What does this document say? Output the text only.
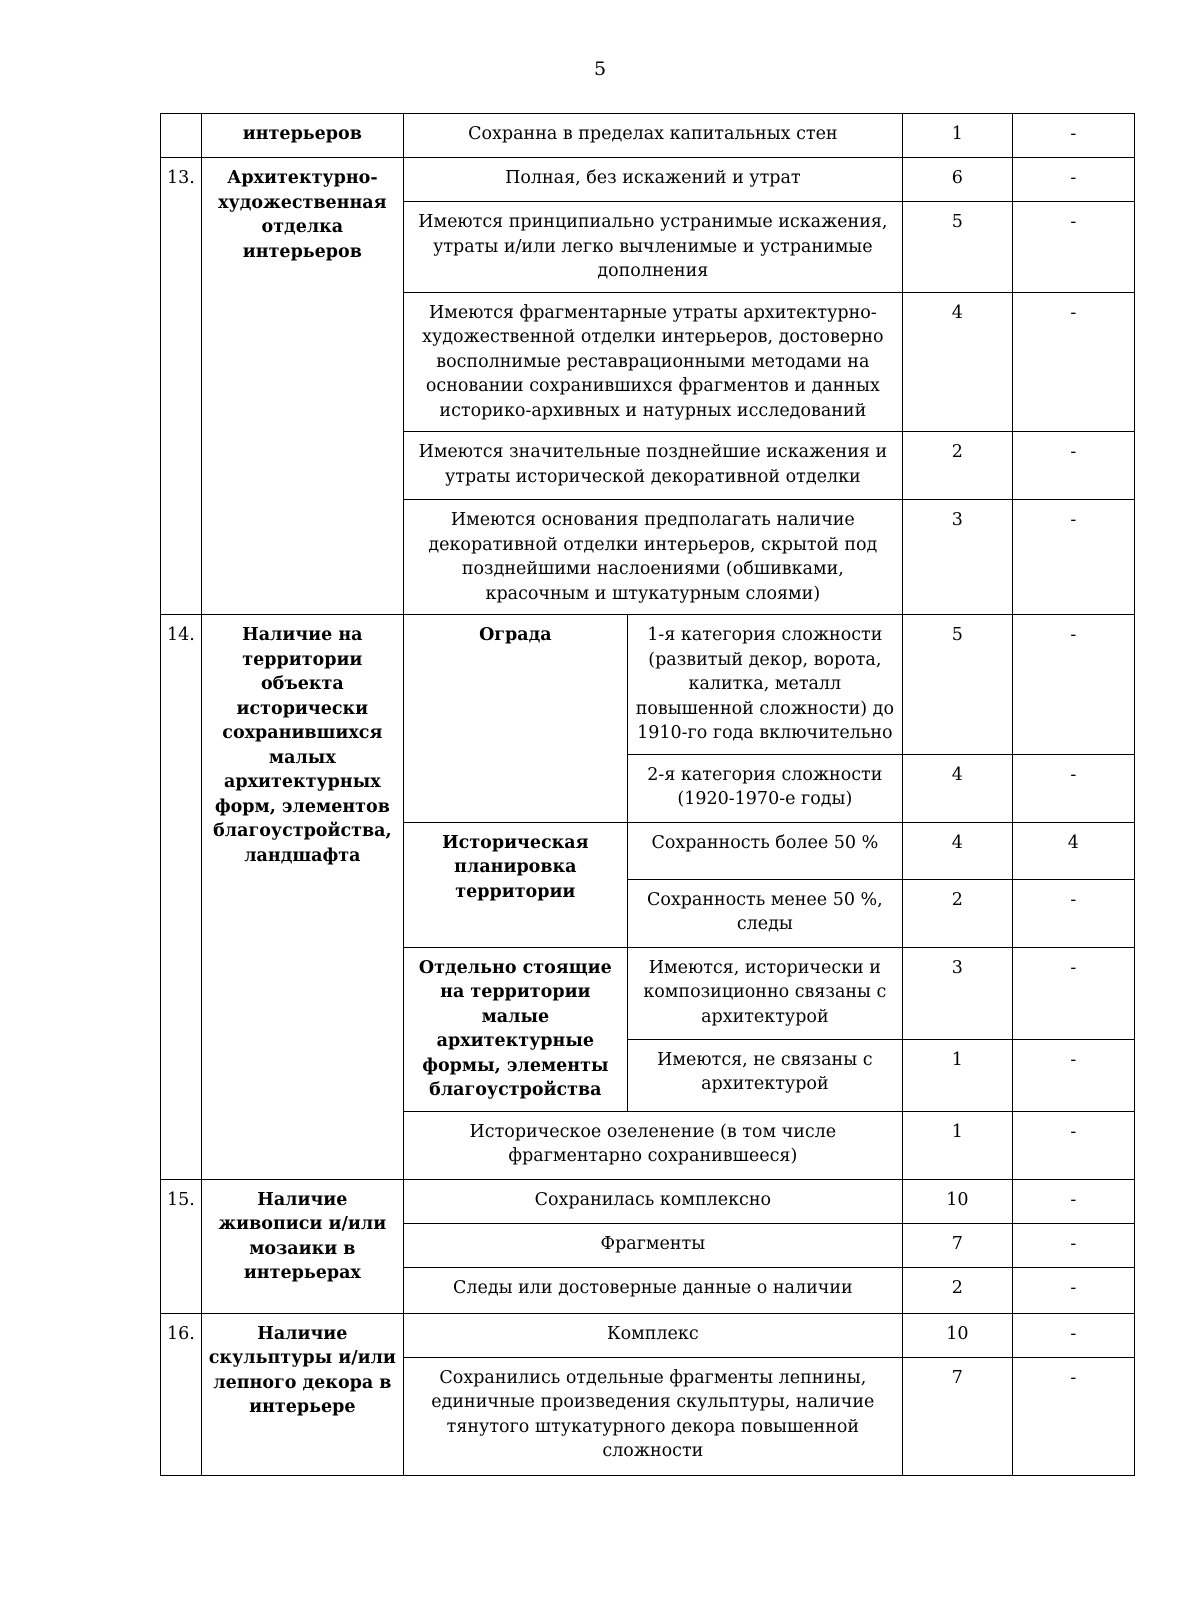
5
	интерьеров	Сохранна в пределах капитальных стен		1	-
13.	Архитектурно-художественная отделка интерьеров	Полная, без искажений и утрат		6	-
		Имеются принципиально устранимые искажения, утраты и/или легко вычленимые и устранимые дополнения		5	-
		Имеются фрагментарные утраты архитектурно-художественной отделки интерьеров, достоверно восполнимые реставрационными методами на основании сохранившихся фрагментов и данных историко-архивных и натурных исследований		4	-
		Имеются значительные позднейшие искажения и утраты исторической декоративной отделки		2	-
		Имеются основания предполагать наличие декоративной отделки интерьеров, скрытой под позднейшими наслоениями (обшивками, красочным и штукатурным слоями)		3	-
14.	Наличие на территории объекта исторически сохранившихся малых архитектурных форм, элементов благоустройства, ландшафта	Ограда	1-я категория сложности (развитый декор, ворота, калитка, металл повышенной сложности) до 1910-го года включительно	5	-
			2-я категория сложности (1920-1970-е годы)	4	-
		Историческая планировка территории	Сохранность более 50 %	4	4
			Сохранность менее 50 %, следы	2	-
		Отдельно стоящие на территории малые архитектурные формы, элементы благоустройства	Имеются, исторически и композиционно связаны с архитектурой	3	-
			Имеются, не связаны с архитектурой	1	-
		Историческое озеленение (в том числе фрагментарно сохранившееся)		1	-
15.	Наличие живописи и/или мозаики в интерьерах	Сохранилась комплексно		10	-
		Фрагменты		7	-
		Следы или достоверные данные о наличии		2	-
16.	Наличие скульптуры и/или лепного декора в интерьере	Комплекс		10	-
		Сохранились отдельные фрагменты лепнины, единичные произведения скульптуры, наличие тянутого штукатурного декора повышенной сложности		7	-
